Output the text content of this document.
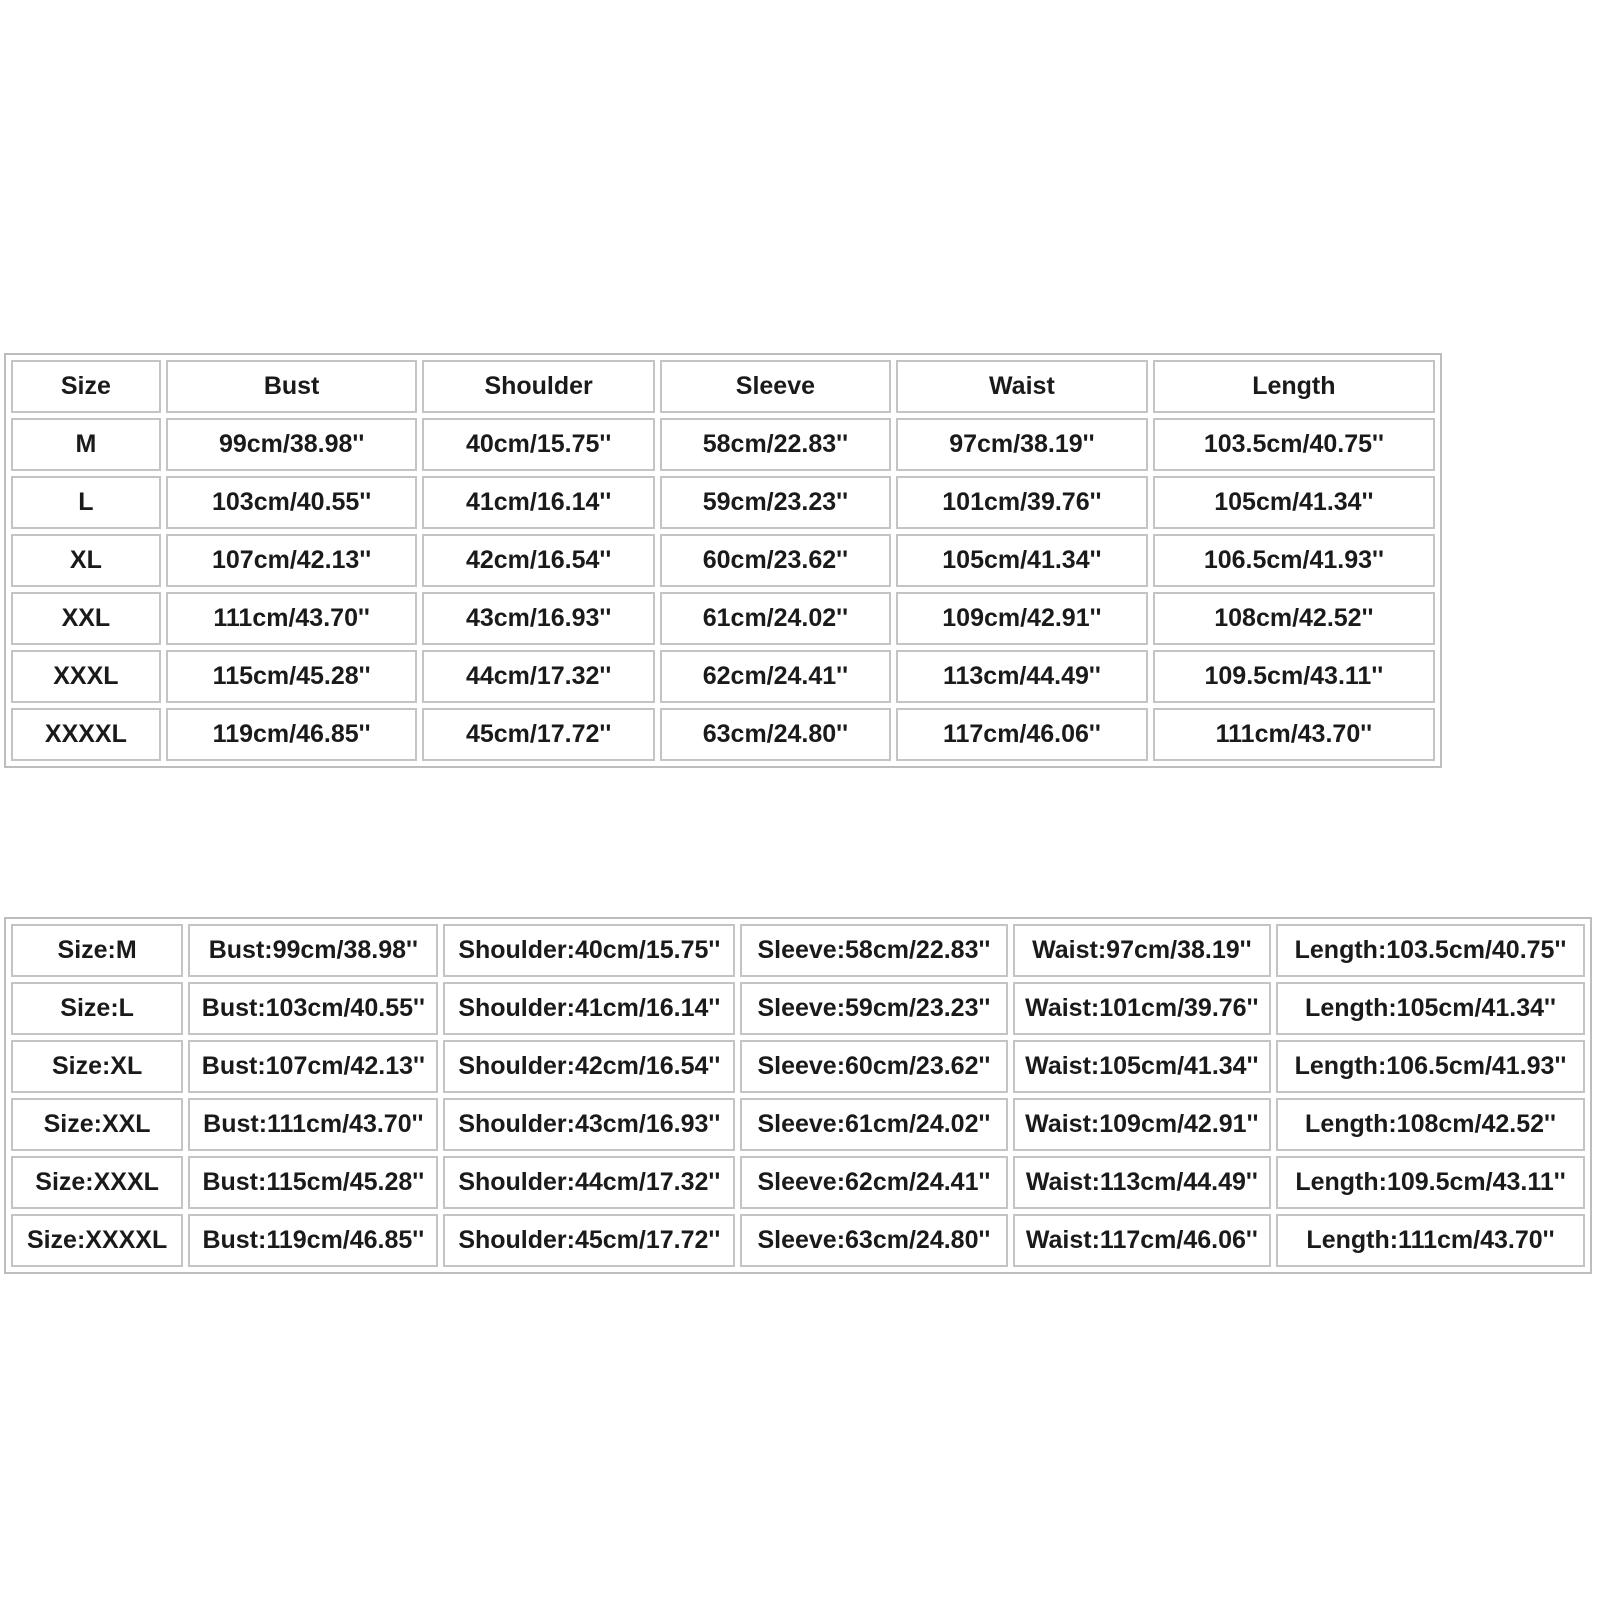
Size	Bust	Shoulder	Sleeve	Waist	Length
M	99cm/38.98''	40cm/15.75''	58cm/22.83''	97cm/38.19''	103.5cm/40.75''
L	103cm/40.55''	41cm/16.14''	59cm/23.23''	101cm/39.76''	105cm/41.34''
XL	107cm/42.13''	42cm/16.54''	60cm/23.62''	105cm/41.34''	106.5cm/41.93''
XXL	111cm/43.70''	43cm/16.93''	61cm/24.02''	109cm/42.91''	108cm/42.52''
XXXL	115cm/45.28''	44cm/17.32''	62cm/24.41''	113cm/44.49''	109.5cm/43.11''
XXXXL	119cm/46.85''	45cm/17.72''	63cm/24.80''	117cm/46.06''	111cm/43.70''
Size:M	Bust:99cm/38.98''	Shoulder:40cm/15.75''	Sleeve:58cm/22.83''	Waist:97cm/38.19''	Length:103.5cm/40.75''
Size:L	Bust:103cm/40.55''	Shoulder:41cm/16.14''	Sleeve:59cm/23.23''	Waist:101cm/39.76''	Length:105cm/41.34''
Size:XL	Bust:107cm/42.13''	Shoulder:42cm/16.54''	Sleeve:60cm/23.62''	Waist:105cm/41.34''	Length:106.5cm/41.93''
Size:XXL	Bust:111cm/43.70''	Shoulder:43cm/16.93''	Sleeve:61cm/24.02''	Waist:109cm/42.91''	Length:108cm/42.52''
Size:XXXL	Bust:115cm/45.28''	Shoulder:44cm/17.32''	Sleeve:62cm/24.41''	Waist:113cm/44.49''	Length:109.5cm/43.11''
Size:XXXXL	Bust:119cm/46.85''	Shoulder:45cm/17.72''	Sleeve:63cm/24.80''	Waist:117cm/46.06''	Length:111cm/43.70''
